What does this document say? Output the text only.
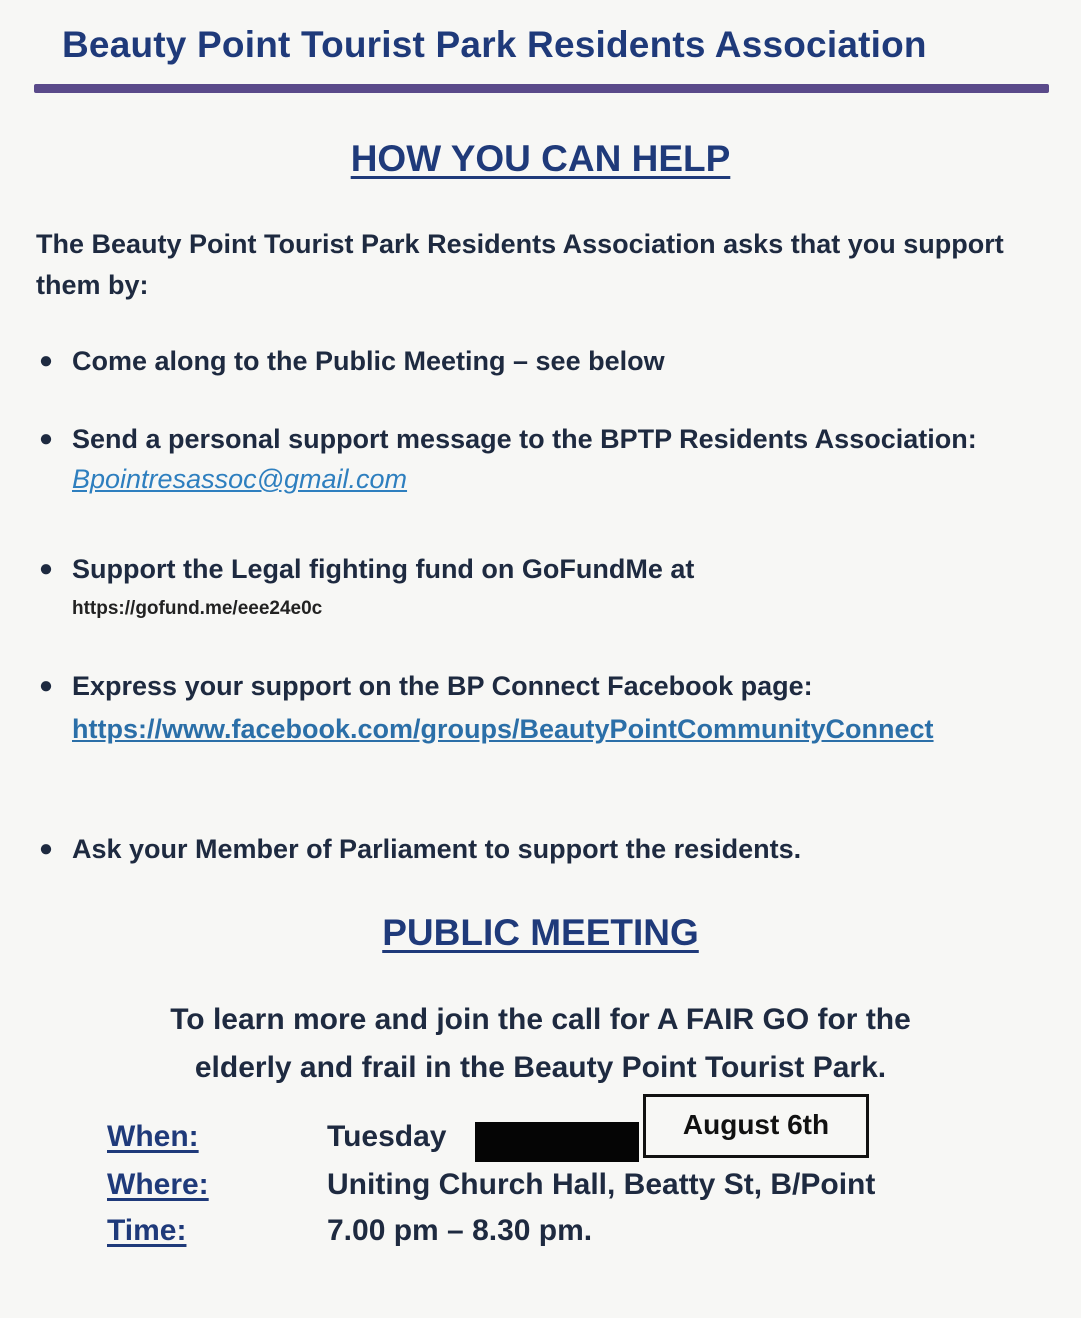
Beauty Point Tourist Park Residents Association
HOW YOU CAN HELP
The Beauty Point Tourist Park Residents Association asks that you support them by:
● Come along to the Public Meeting – see below
● Send a personal support message to the BPTP Residents Association: Bpointresassoc@gmail.com
● Support the Legal fighting fund on GoFundMe at
https://gofund.me/eee24e0c
● Express your support on the BP Connect Facebook page:
https://www.facebook.com/groups/BeautyPointCommunityConnect
● Ask your Member of Parliament to support the residents.
PUBLIC MEETING
To learn more and join the call for A FAIR GO for the
elderly and frail in the Beauty Point Tourist Park.
August 6th
When:	Tuesday
Where:	Uniting Church Hall, Beatty St, B/Point
Time:	7.00 pm – 8.30 pm.
